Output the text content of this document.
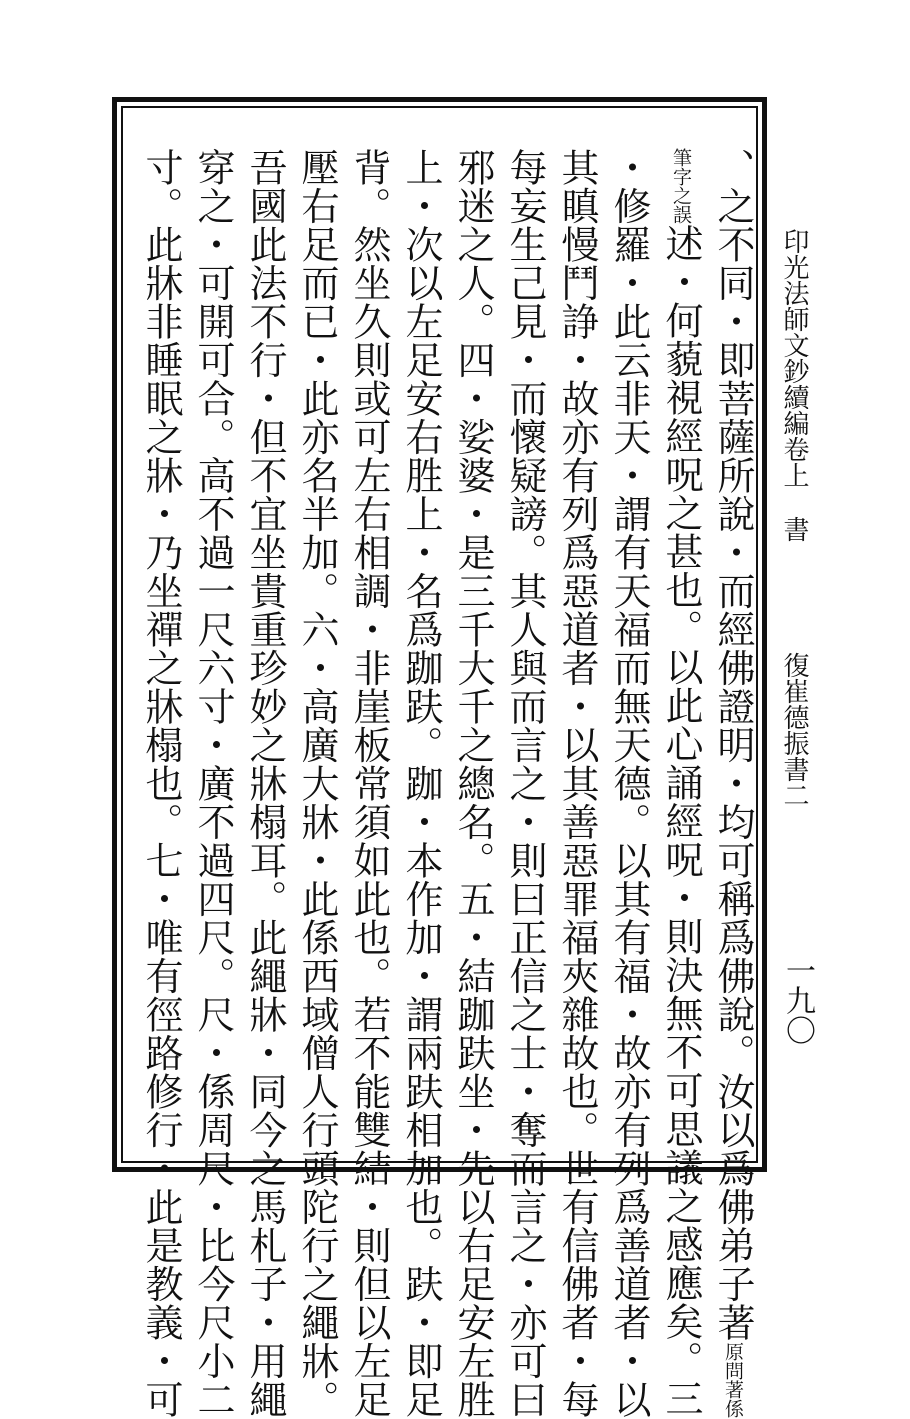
印光法師文鈔續編卷上書
復崔德振書二
一九〇
、之不同・即菩薩所說・而經佛證明・均可稱爲佛說。汝以爲佛弟子著原問著係
筆字之誤述・何藐視經呪之甚也。以此心誦經呪・則決無不可思議之感應矣。三
・修羅・此云非天・謂有天福而無天德。以其有福・故亦有列爲善道者・以
其瞋慢鬥諍・故亦有列爲惡道者・以其善惡罪福夾雜故也。世有信佛者・每
每妄生己見・而懷疑謗。其人與而言之・則曰正信之士・奪而言之・亦可曰
邪迷之人。四・娑婆・是三千大千之總名。五・結跏趺坐・先以右足安左胜
上・次以左足安右胜上・名爲跏趺。跏・本作加・謂兩趺相加也。趺・即足
背。然坐久則或可左右相調・非崖板常須如此也。若不能雙結・則但以左足
壓右足而已・此亦名半加。六・高廣大牀・此係西域僧人行頭陀行之繩牀。
吾國此法不行・但不宜坐貴重珍妙之牀榻耳。此繩牀・同今之馬札子・用繩
穿之・可開可合。高不過一尺六寸・廣不過四尺。尺・係周尺・比今尺小二
寸。此牀非睡眠之牀・乃坐禪之牀榻也。七・唯有徑路修行・此是教義・可
